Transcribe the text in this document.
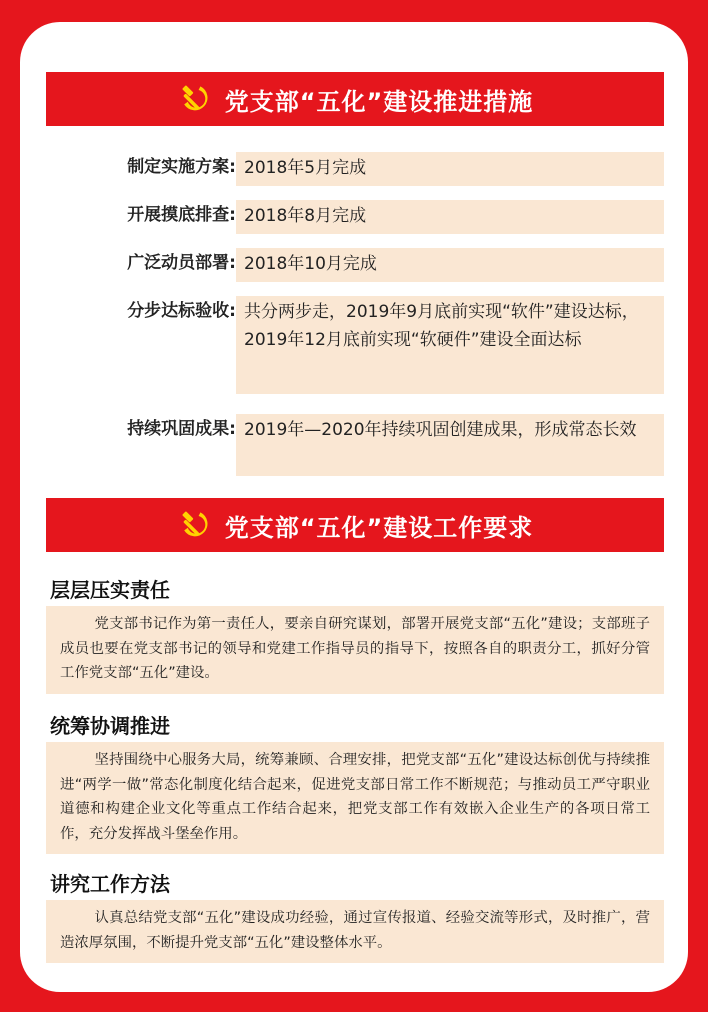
党支部“五化”建设推进措施
制定实施方案: 2018年5月完成
开展摸底排查: 2018年8月完成
广泛动员部署: 2018年10月完成
分步达标验收: 共分两步走，2019年9月底前实现“软件”建设达标，2019年12月底前实现“软硬件”建设全面达标
持续巩固成果: 2019年—2020年持续巩固创建成果，形成常态长效
党支部“五化”建设工作要求
层层压实责任
党支部书记作为第一责任人，要亲自研究谋划，部署开展党支部“五化”建设；支部班子成员也要在党支部书记的领导和党建工作指导员的指导下，按照各自的职责分工，抓好分管工作党支部“五化”建设。
统筹协调推进
坚持围绕中心服务大局，统筹兼顾、合理安排，把党支部“五化”建设达标创优与持续推进“两学一做”常态化制度化结合起来，促进党支部日常工作不断规范；与推动员工严守职业道德和构建企业文化等重点工作结合起来，把党支部工作有效嵌入企业生产的各项日常工作，充分发挥战斗堡垒作用。
讲究工作方法
认真总结党支部“五化”建设成功经验，通过宣传报道、经验交流等形式，及时推广，营造浓厚氛围，不断提升党支部“五化”建设整体水平。
